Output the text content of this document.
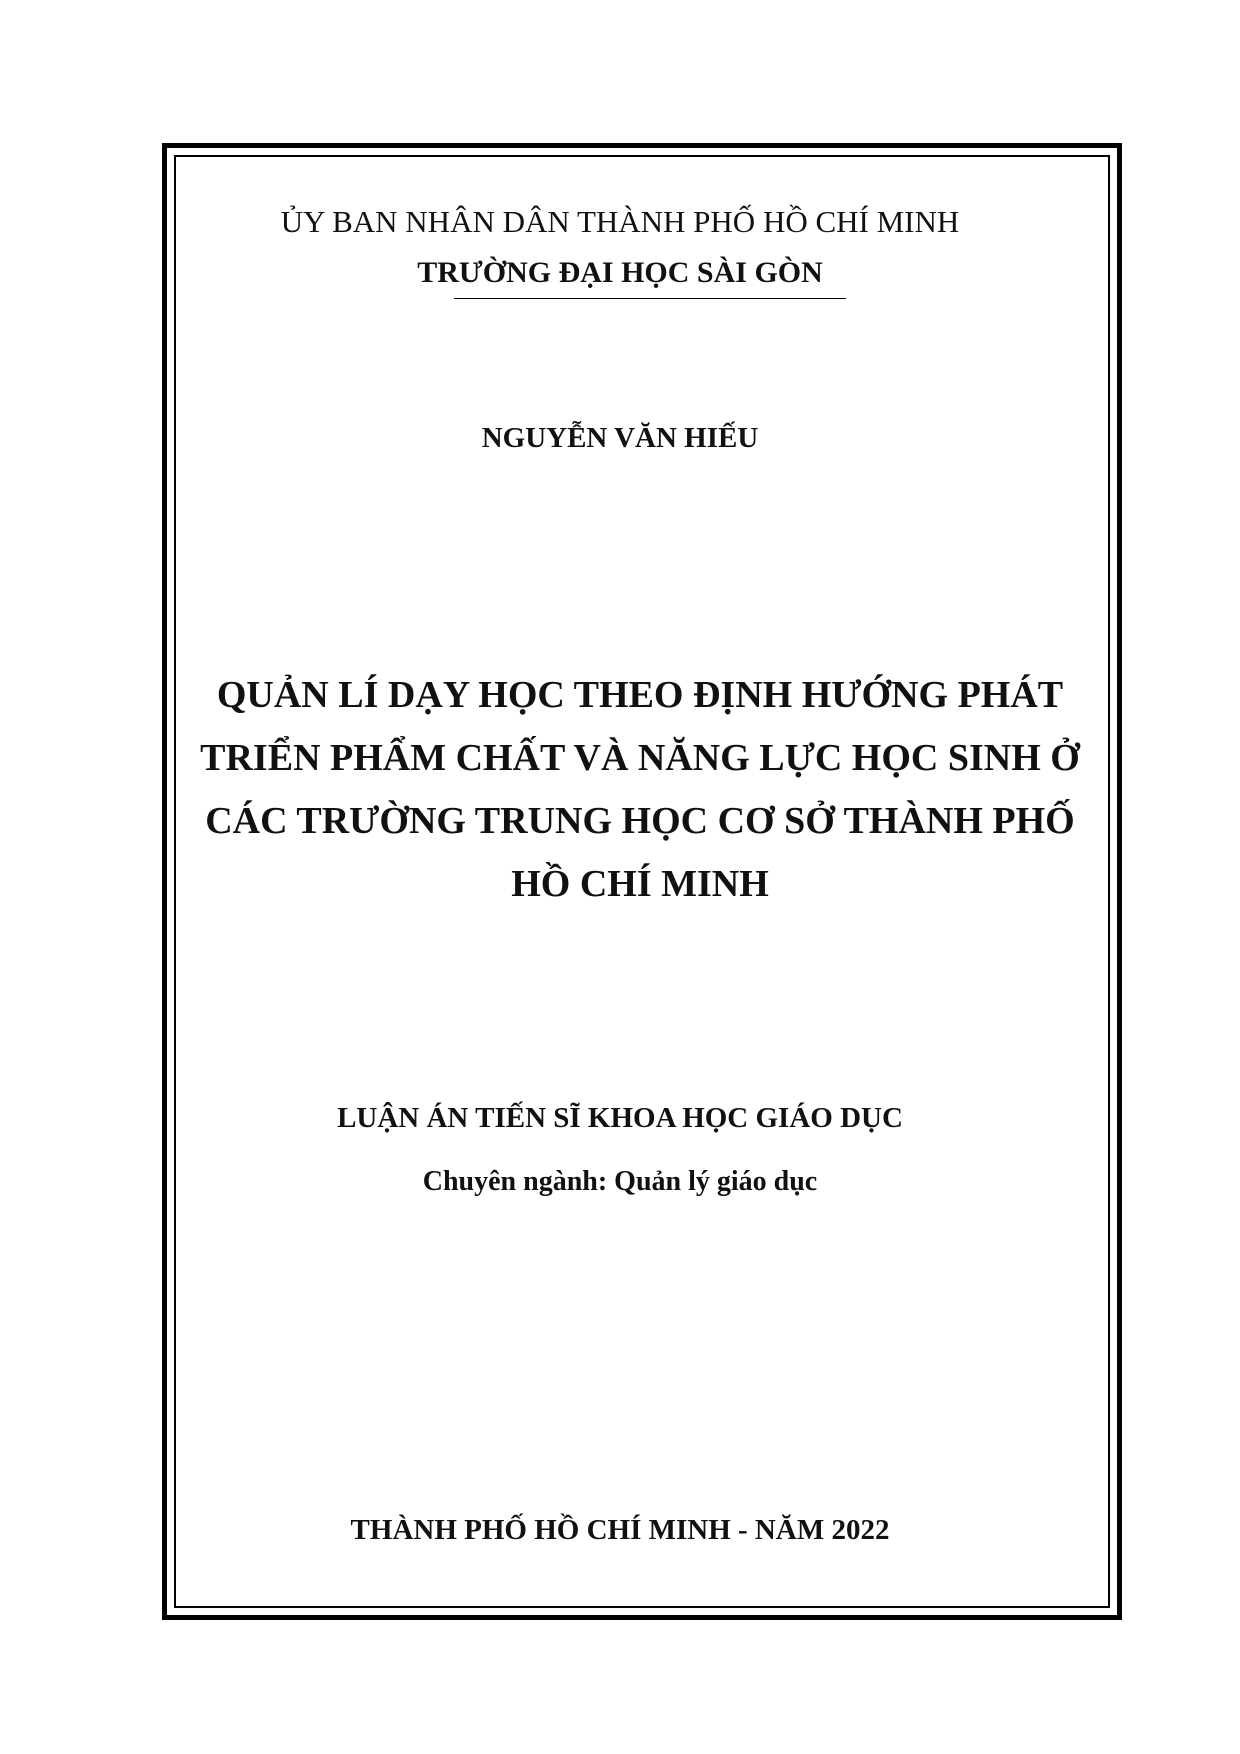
ỦY BAN NHÂN DÂN THÀNH PHỐ HỒ CHÍ MINH
TRƯỜNG ĐẠI HỌC SÀI GÒN
NGUYỄN VĂN HIẾU
QUẢN LÍ DẠY HỌC THEO ĐỊNH HƯỚNG PHÁT
TRIỂN PHẨM CHẤT VÀ NĂNG LỰC HỌC SINH Ở
CÁC TRƯỜNG TRUNG HỌC CƠ SỞ THÀNH PHỐ
HỒ CHÍ MINH
LUẬN ÁN TIẾN SĨ KHOA HỌC GIÁO DỤC
Chuyên ngành: Quản lý giáo dục
THÀNH PHỐ HỒ CHÍ MINH - NĂM 2022
